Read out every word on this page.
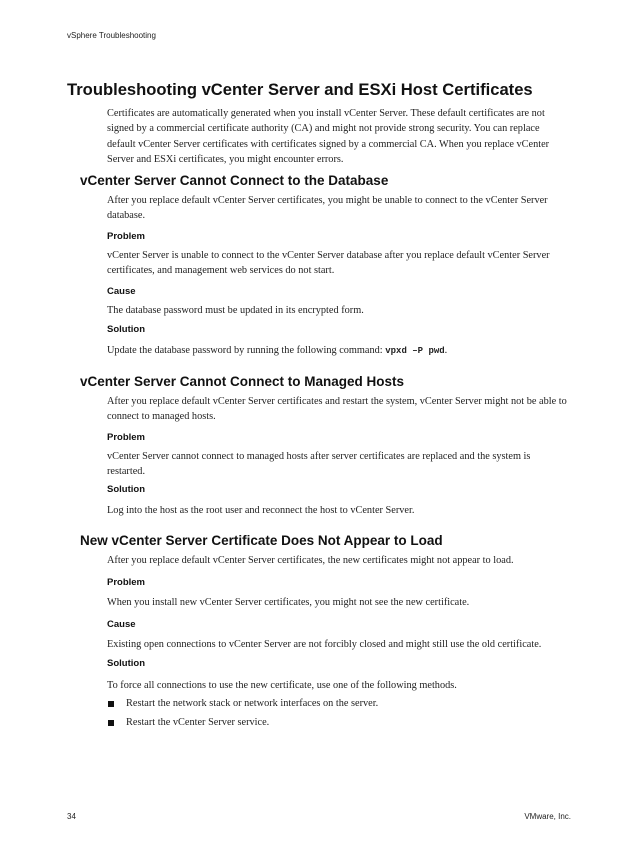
vSphere Troubleshooting
Troubleshooting vCenter Server and ESXi Host Certificates

Certificates are automatically generated when you install vCenter Server. These default certificates are not signed by a commercial certificate authority (CA) and might not provide strong security. You can replace default vCenter Server certificates with certificates signed by a commercial CA. When you replace vCenter Server and ESXi certificates, you might encounter errors.

vCenter Server Cannot Connect to the Database

After you replace default vCenter Server certificates, you might be unable to connect to the vCenter Server database.

Problem

vCenter Server is unable to connect to the vCenter Server database after you replace default vCenter Server certificates, and management web services do not start.

Cause

The database password must be updated in its encrypted form.

Solution

Update the database password by running the following command: vpxd –P pwd.

vCenter Server Cannot Connect to Managed Hosts

After you replace default vCenter Server certificates and restart the system, vCenter Server might not be able to connect to managed hosts.

Problem

vCenter Server cannot connect to managed hosts after server certificates are replaced and the system is restarted.

Solution

Log into the host as the root user and reconnect the host to vCenter Server.

New vCenter Server Certificate Does Not Appear to Load

After you replace default vCenter Server certificates, the new certificates might not appear to load.

Problem

When you install new vCenter Server certificates, you might not see the new certificate.

Cause

Existing open connections to vCenter Server are not forcibly closed and might still use the old certificate.

Solution

To force all connections to use the new certificate, use one of the following methods.

Restart the network stack or network interfaces on the server.
Restart the vCenter Server service.
34	VMware, Inc.
